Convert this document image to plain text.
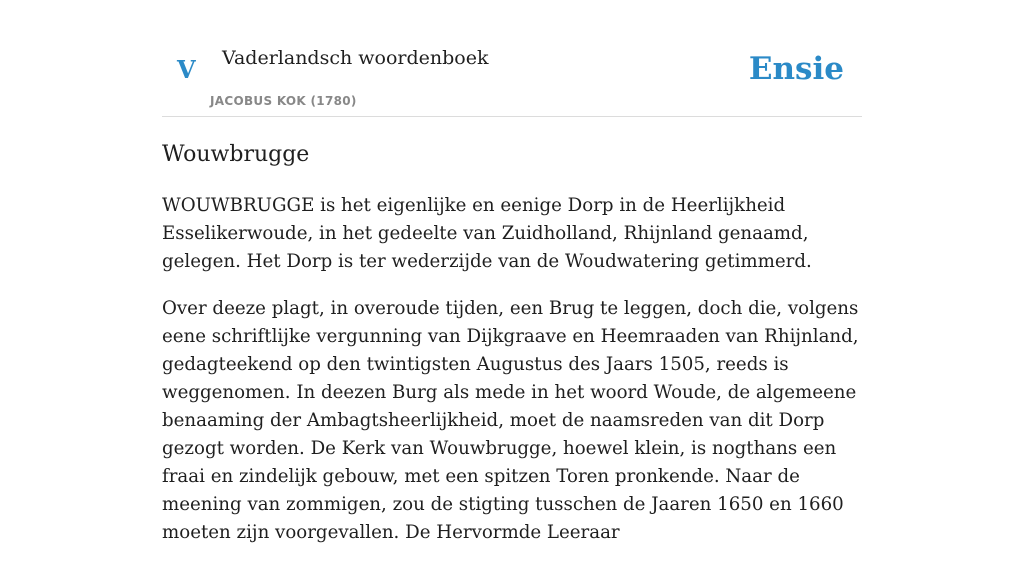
V Vaderlandsch woordenboek
JACOBUS KOK (1780)
Ensie
Wouwbrugge

WOUWBRUGGE is het eigenlijke en eenige Dorp in de Heerlijkheid Esselikerwoude, in het gedeelte van Zuidholland, Rhijnland genaamd, gelegen. Het Dorp is ter wederzijde van de Woudwatering getimmerd.

Over deeze plagt, in overoude tijden, een Brug te leggen, doch die, volgens eene schriftlijke vergunning van Dijkgraave en Heemraaden van Rhijnland, gedagteekend op den twintigsten Augustus des Jaars 1505, reeds is weggenomen. In deezen Burg als mede in het woord Woude, de algemeene benaaming der Ambagtsheerlijkheid, moet de naamsreden van dit Dorp gezogt worden. De Kerk van Wouwbrugge, hoewel klein, is nogthans een fraai en zindelijk gebouw, met een spitzen Toren pronkende. Naar de meening van zommigen, zou de stigting tusschen de Jaaren 1650 en 1660 moeten zijn voorgevallen. De Hervormde Leeraar
